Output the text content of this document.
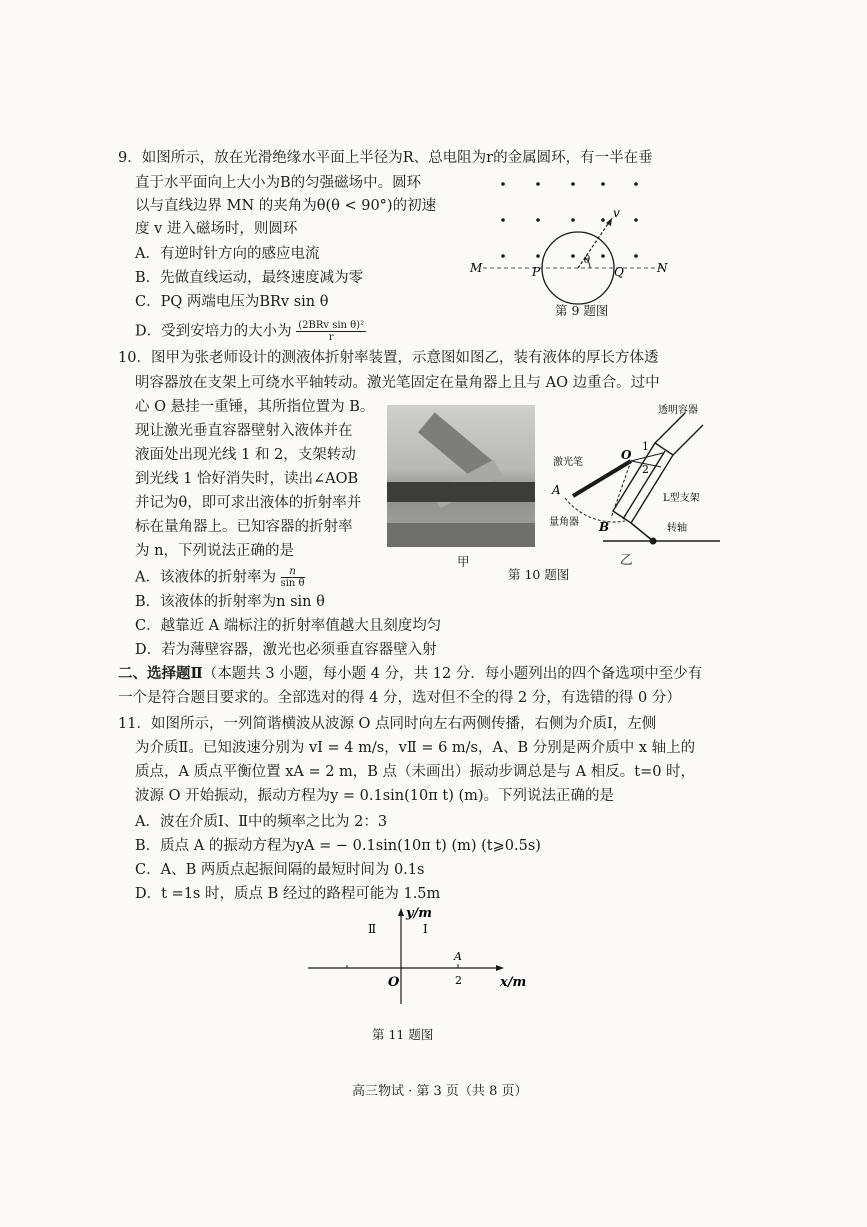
9．如图所示，放在光滑绝缘水平面上半径为R、总电阻为r的金属圆环，有一半在垂
直于水平面向上大小为B的匀强磁场中。圆环
以与直线边界 MN 的夹角为θ(θ < 90°)的初速
度 v 进入磁场时，则圆环
A．有逆时针方向的感应电流
B．先做直线运动，最终速度减为零
C．PQ 两端电压为BRv sin θ
D．受到安培力的大小为 (2BRv sin θ)²
r
M	N
P	Q
v
θ
第 9 题图
10．图甲为张老师设计的测液体折射率装置，示意图如图乙，装有液体的厚长方体透
明容器放在支架上可绕水平轴转动。激光笔固定在量角器上且与 AO 边重合。过中
心 O 悬挂一重锤，其所指位置为 B。
现让激光垂直容器壁射入液体并在
液面处出现光线 1 和 2，支架转动
到光线 1 恰好消失时，读出∠AOB
并记为θ，即可求出液体的折射率并
标在量角器上。已知容器的折射率
为 n，下列说法正确的是
A．该液体的折射率为 $\frac{n}{\text{sin θ}}$
B．该液体的折射率为n sin θ
C．越靠近 A 端标注的折射率值越大且刻度均匀
D．若为薄壁容器，激光也必须垂直容器壁入射
甲
透明容器
激光笔
量角器
L型支架
转轴
O
A
B
1
2
乙
第 10 题图
二、选择题Ⅱ（本题共 3 小题，每小题 4 分，共 12 分．每小题列出的四个备选项中至少有
一个是符合题目要求的。全部选对的得 4 分，选对但不全的得 2 分，有选错的得 0 分）
11．如图所示，一列简谐横波从波源 O 点同时向左右两侧传播，右侧为介质Ⅰ，左侧
为介质Ⅱ。已知波速分别为 vⅠ = 4 m/s，vⅡ = 6 m/s，A、B 分别是两介质中 x 轴上的
质点，A 质点平衡位置 xA = 2 m，B 点（未画出）振动步调总是与 A 相反。t=0 时，
波源 O 开始振动，振动方程为y = 0.1sin(10π t) (m)。下列说法正确的是
A．波在介质Ⅰ、Ⅱ中的频率之比为 2：3
B．质点 A 的振动方程为yA = − 0.1sin(10π t) (m) (t⩾0.5s)
C．A、B 两质点起振间隔的最短时间为 0.1s
D．t =1s 时，质点 B 经过的路程可能为 1.5m
y/m
x/m
O
A
2
Ⅰ
Ⅱ
第 11 题图
高三物试 · 第 3 页（共 8 页）
